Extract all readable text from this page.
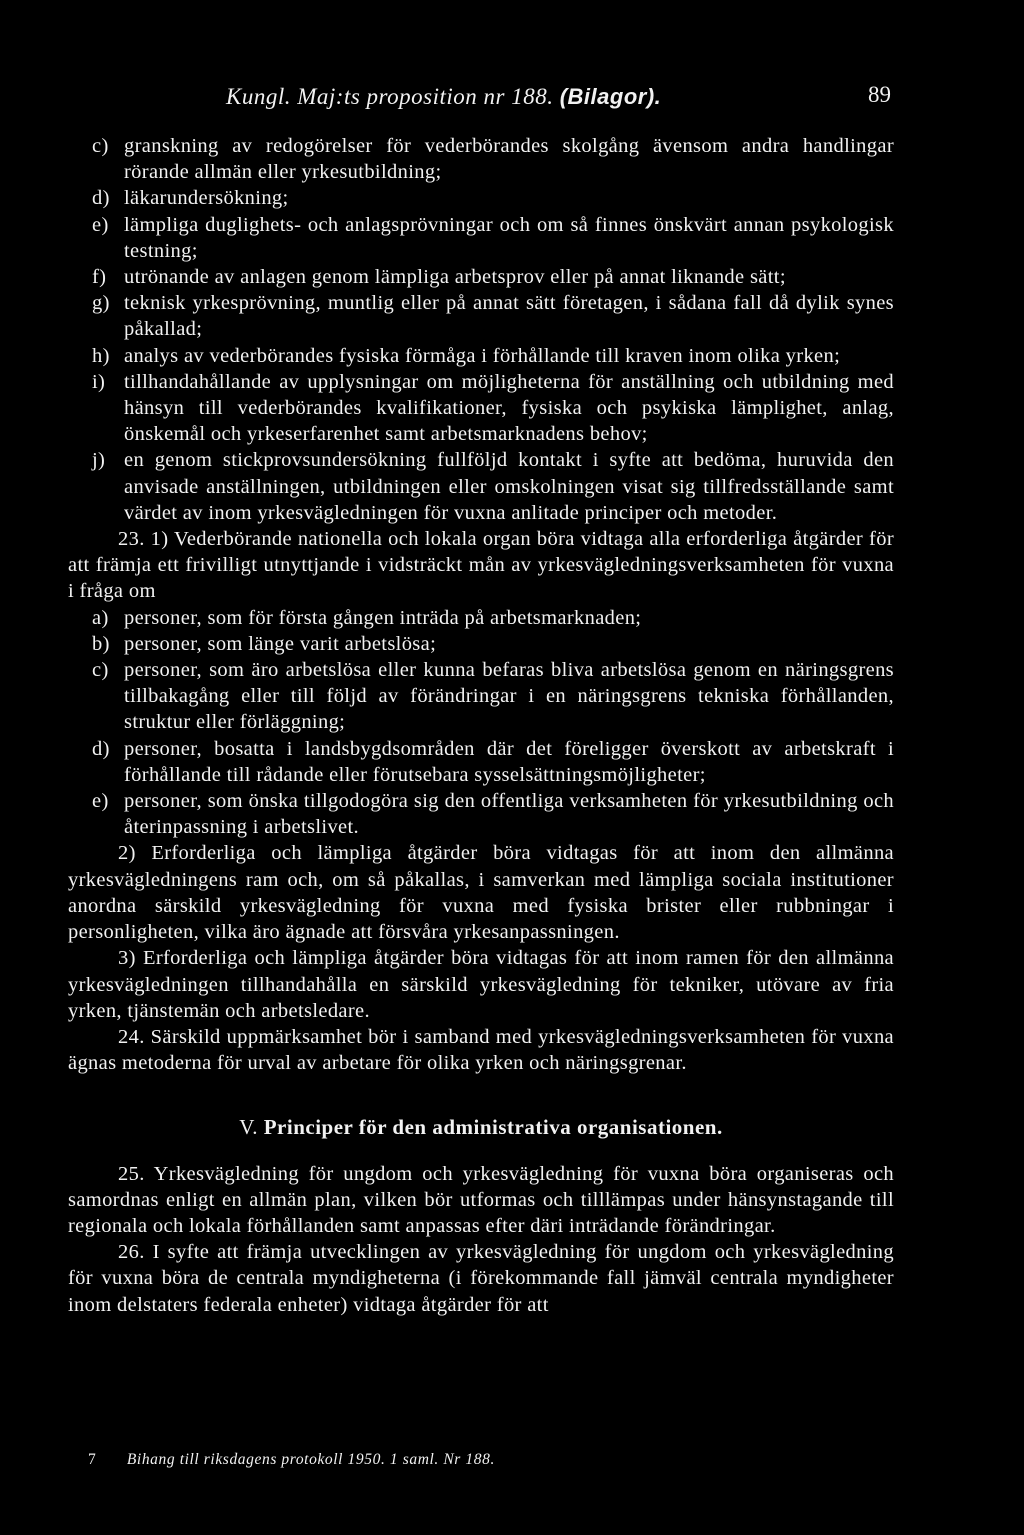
Kungl. Maj:ts proposition nr 188. (Bilagor).	89
c) granskning av redogörelser för vederbörandes skolgång ävensom andra handlingar rörande allmän eller yrkesutbildning;
d) läkarundersökning;
e) lämpliga duglighets- och anlagsprövningar och om så finnes önskvärt annan psykologisk testning;
f) utrönande av anlagen genom lämpliga arbetsprov eller på annat liknande sätt;
g) teknisk yrkesprövning, muntlig eller på annat sätt företagen, i sådana fall då dylik synes påkallad;
h) analys av vederbörandes fysiska förmåga i förhållande till kraven inom olika yrken;
i) tillhandahållande av upplysningar om möjligheterna för anställning och utbildning med hänsyn till vederbörandes kvalifikationer, fysiska och psykiska lämplighet, anlag, önskemål och yrkeserfarenhet samt arbetsmarknadens behov;
j) en genom stickprovsundersökning fullföljd kontakt i syfte att bedöma, huruvida den anvisade anställningen, utbildningen eller omskolningen visat sig tillfredsställande samt värdet av inom yrkesvägledningen för vuxna anlitade principer och metoder.

23. 1) Vederbörande nationella och lokala organ böra vidtaga alla erforderliga åtgärder för att främja ett frivilligt utnyttjande i vidsträckt mån av yrkesvägledningsverksamheten för vuxna i fråga om

a) personer, som för första gången inträda på arbetsmarknaden;
b) personer, som länge varit arbetslösa;
c) personer, som äro arbetslösa eller kunna befaras bliva arbetslösa genom en näringsgrens tillbakagång eller till följd av förändringar i en näringsgrens tekniska förhållanden, struktur eller förläggning;
d) personer, bosatta i landsbygdsområden där det föreligger överskott av arbetskraft i förhållande till rådande eller förutsebara sysselsättningsmöjligheter;
e) personer, som önska tillgodogöra sig den offentliga verksamheten för yrkesutbildning och återinpassning i arbetslivet.

2) Erforderliga och lämpliga åtgärder böra vidtagas för att inom den allmänna yrkesvägledningens ram och, om så påkallas, i samverkan med lämpliga sociala institutioner anordna särskild yrkesvägledning för vuxna med fysiska brister eller rubbningar i personligheten, vilka äro ägnade att försvåra yrkesanpassningen.

3) Erforderliga och lämpliga åtgärder böra vidtagas för att inom ramen för den allmänna yrkesvägledningen tillhandahålla en särskild yrkesvägledning för tekniker, utövare av fria yrken, tjänstemän och arbetsledare.

24. Särskild uppmärksamhet bör i samband med yrkesvägledningsverksamheten för vuxna ägnas metoderna för urval av arbetare för olika yrken och näringsgrenar.

V. Principer för den administrativa organisationen.

25. Yrkesvägledning för ungdom och yrkesvägledning för vuxna böra organiseras och samordnas enligt en allmän plan, vilken bör utformas och tilllämpas under hänsynstagande till regionala och lokala förhållanden samt anpassas efter däri inträdande förändringar.

26. I syfte att främja utvecklingen av yrkesvägledning för ungdom och yrkesvägledning för vuxna böra de centrala myndigheterna (i förekommande fall jämväl centrala myndigheter inom delstaters federala enheter) vidtaga åtgärder för att

7 Bihang till riksdagens protokoll 1950. 1 saml. Nr 188.
